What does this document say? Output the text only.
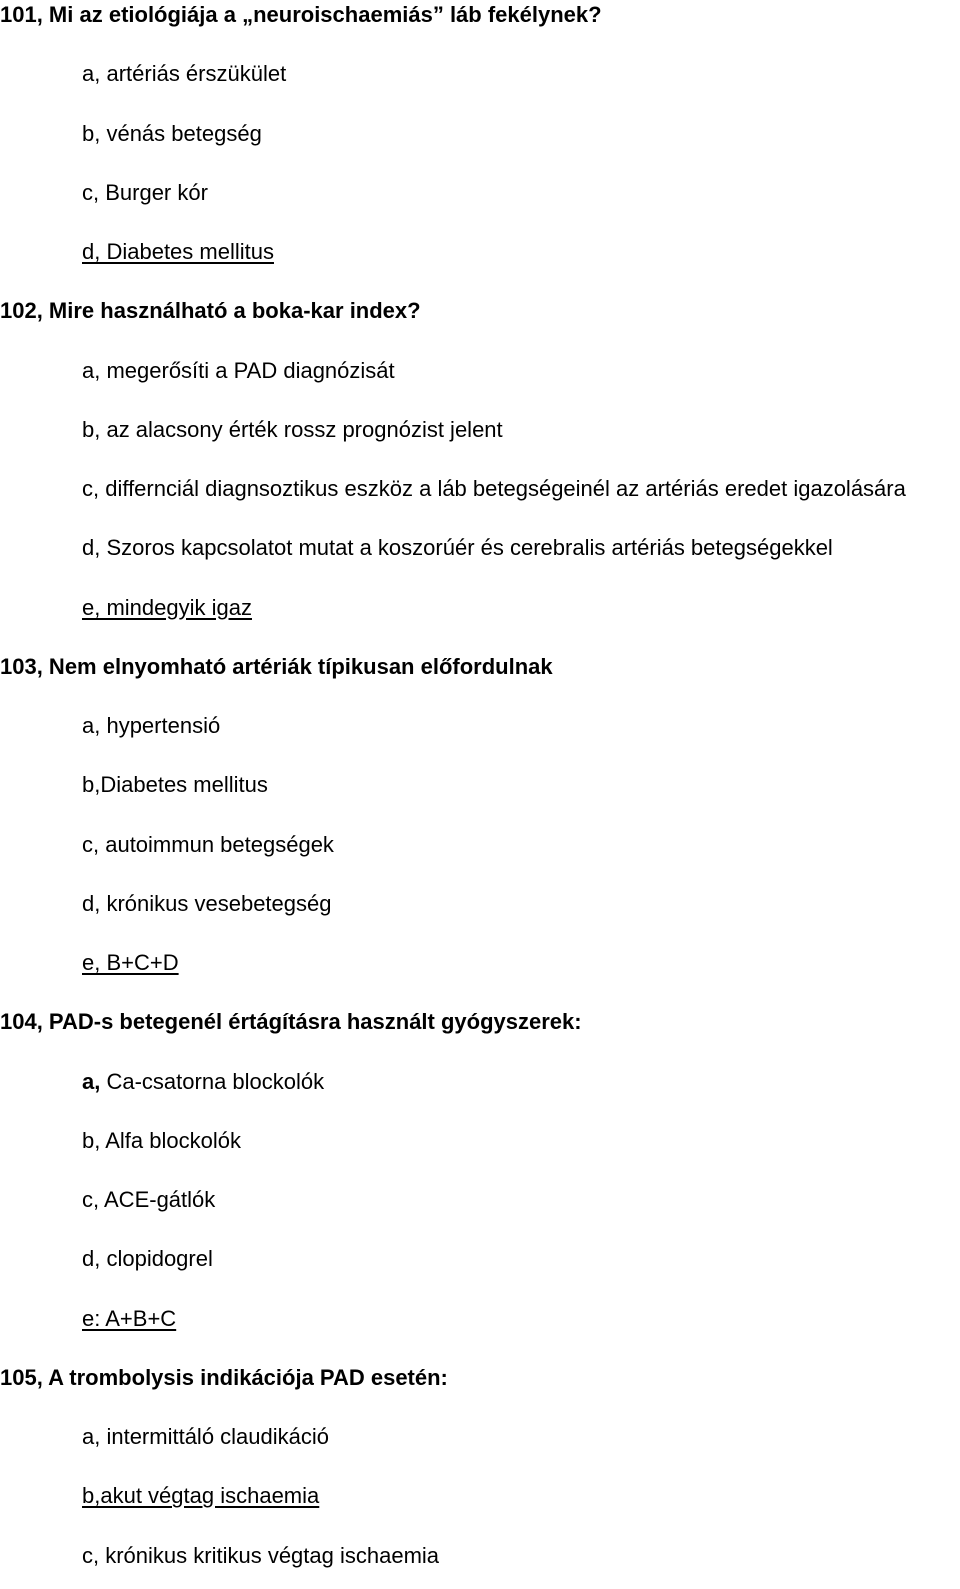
101, Mi az etiológiája a „neuroischaemiás” láb fekélynek?
a, artériás érszükület
b, vénás betegség
c, Burger kór
d, Diabetes mellitus
102, Mire használható a boka-kar index?
a, megerősíti a PAD diagnózisát
b, az alacsony érték rossz prognózist jelent
c, differnciál diagnsoztikus eszköz a láb betegségeinél az artériás eredet igazolására
d, Szoros kapcsolatot mutat a koszorúér és cerebralis artériás betegségekkel
e, mindegyik igaz
103, Nem elnyomható artériák típikusan előfordulnak
a, hypertensió
b,Diabetes mellitus
c, autoimmun betegségek
d, krónikus vesebetegség
e, B+C+D
104, PAD-s betegenél értágításra használt gyógyszerek:
a, Ca-csatorna blockolók
b, Alfa blockolók
c, ACE-gátlók
d, clopidogrel
e: A+B+C
105, A trombolysis indikációja PAD esetén:
a, intermittáló claudikáció
b,akut végtag ischaemia
c, krónikus kritikus végtag ischaemia
